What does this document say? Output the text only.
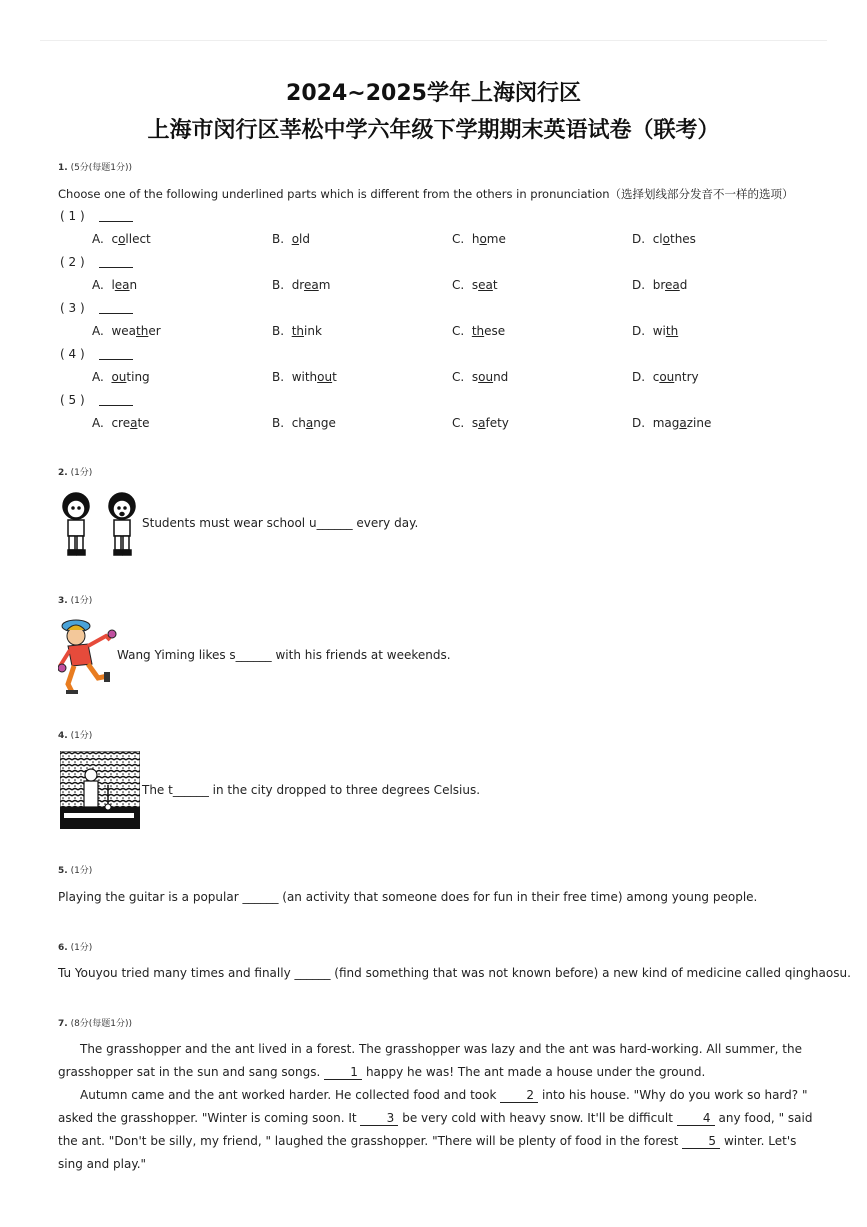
2024~2025学年上海闵行区
上海市闵行区莘松中学六年级下学期期末英语试卷（联考）
1. (5分(每题1分))
Choose one of the following underlined parts which is different from the others in pronunciation（选择划线部分发音不一样的选项）
( 1 )
A. collect	B. old	C. home	D. clothes
( 2 )
A. lean	B. dream	C. seat	D. bread
( 3 )
A. weather	B. think	C. these	D. with
( 4 )
A. outing	B. without	C. sound	D. country
( 5 )
A. create	B. change	C. safety	D. magazine
2. (1分)
Students must wear school u______ every day.
3. (1分)
Wang Yiming likes s______ with his friends at weekends.
4. (1分)
The t______ in the city dropped to three degrees Celsius.
5. (1分)
Playing the guitar is a popular ______ (an activity that someone does for fun in their free time) among young people.
6. (1分)
Tu Youyou tried many times and finally ______ (find something that was not known before) a new kind of medicine called qinghaosu.
7. (8分(每题1分))
The grasshopper and the ant lived in a forest. The grasshopper was lazy and the ant was hard-working. All summer, the grasshopper sat in the sun and sang songs. 1 happy he was! The ant made a house under the ground.
Autumn came and the ant worked harder. He collected food and took 2 into his house. "Why do you work so hard? " asked the grasshopper. "Winter is coming soon. It 3 be very cold with heavy snow. It'll be difficult 4 any food, " said the ant. "Don't be silly, my friend, " laughed the grasshopper. "There will be plenty of food in the forest 5 winter. Let's sing and play."
